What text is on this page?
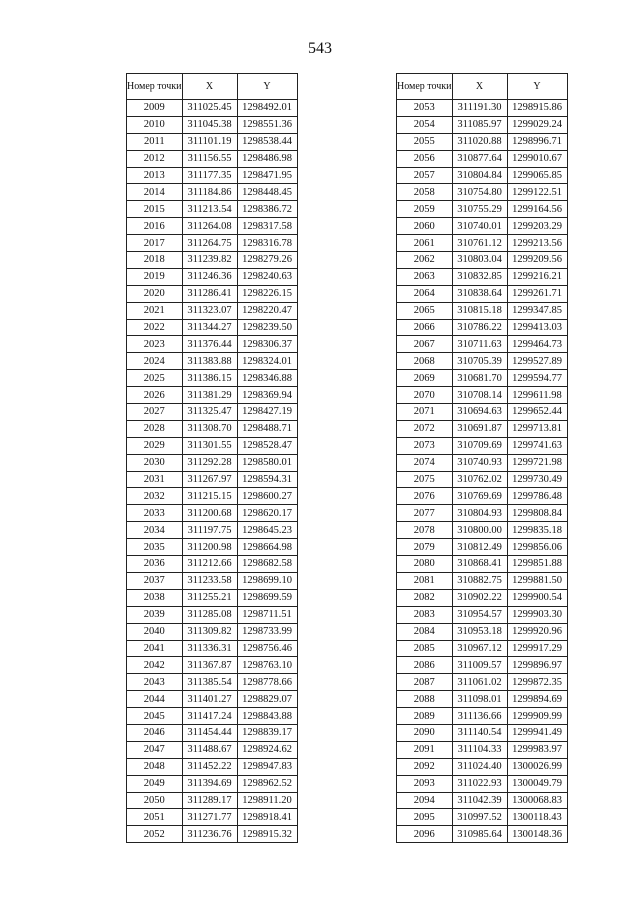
543
Номер точки	X	Y
2009	311025.45	1298492.01
2010	311045.38	1298551.36
2011	311101.19	1298538.44
2012	311156.55	1298486.98
2013	311177.35	1298471.95
2014	311184.86	1298448.45
2015	311213.54	1298386.72
2016	311264.08	1298317.58
2017	311264.75	1298316.78
2018	311239.82	1298279.26
2019	311246.36	1298240.63
2020	311286.41	1298226.15
2021	311323.07	1298220.47
2022	311344.27	1298239.50
2023	311376.44	1298306.37
2024	311383.88	1298324.01
2025	311386.15	1298346.88
2026	311381.29	1298369.94
2027	311325.47	1298427.19
2028	311308.70	1298488.71
2029	311301.55	1298528.47
2030	311292.28	1298580.01
2031	311267.97	1298594.31
2032	311215.15	1298600.27
2033	311200.68	1298620.17
2034	311197.75	1298645.23
2035	311200.98	1298664.98
2036	311212.66	1298682.58
2037	311233.58	1298699.10
2038	311255.21	1298699.59
2039	311285.08	1298711.51
2040	311309.82	1298733.99
2041	311336.31	1298756.46
2042	311367.87	1298763.10
2043	311385.54	1298778.66
2044	311401.27	1298829.07
2045	311417.24	1298843.88
2046	311454.44	1298839.17
2047	311488.67	1298924.62
2048	311452.22	1298947.83
2049	311394.69	1298962.52
2050	311289.17	1298911.20
2051	311271.77	1298918.41
2052	311236.76	1298915.32
Номер точки	X	Y
2053	311191.30	1298915.86
2054	311085.97	1299029.24
2055	311020.88	1298996.71
2056	310877.64	1299010.67
2057	310804.84	1299065.85
2058	310754.80	1299122.51
2059	310755.29	1299164.56
2060	310740.01	1299203.29
2061	310761.12	1299213.56
2062	310803.04	1299209.56
2063	310832.85	1299216.21
2064	310838.64	1299261.71
2065	310815.18	1299347.85
2066	310786.22	1299413.03
2067	310711.63	1299464.73
2068	310705.39	1299527.89
2069	310681.70	1299594.77
2070	310708.14	1299611.98
2071	310694.63	1299652.44
2072	310691.87	1299713.81
2073	310709.69	1299741.63
2074	310740.93	1299721.98
2075	310762.02	1299730.49
2076	310769.69	1299786.48
2077	310804.93	1299808.84
2078	310800.00	1299835.18
2079	310812.49	1299856.06
2080	310868.41	1299851.88
2081	310882.75	1299881.50
2082	310902.22	1299900.54
2083	310954.57	1299903.30
2084	310953.18	1299920.96
2085	310967.12	1299917.29
2086	311009.57	1299896.97
2087	311061.02	1299872.35
2088	311098.01	1299894.69
2089	311136.66	1299909.99
2090	311140.54	1299941.49
2091	311104.33	1299983.97
2092	311024.40	1300026.99
2093	311022.93	1300049.79
2094	311042.39	1300068.83
2095	310997.52	1300118.43
2096	310985.64	1300148.36
